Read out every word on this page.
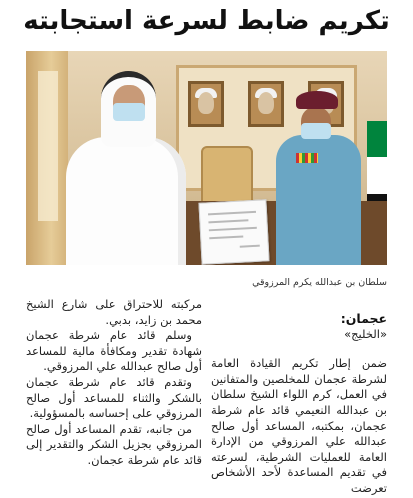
تكريم ضابط لسرعة استجابته
سلطان بن عبدالله يكرم المرزوقي

عجمان:

«الخليج»

ضمن إطار تكريم القيادة العامة لشرطة عجمان للمخلصين والمتفانين في العمل، كرم اللواء الشيخ سلطان بن عبدالله النعيمي قائد عام شرطة عجمان، بمكتبه، المساعد أول صالح عبدالله علي المرزوقي من الإدارة العامة للعمليات الشرطية، لسرعته في تقديم المساعدة لأحد الأشخاص تعرضت

مركبته للاحتراق على شارع الشيخ محمد بن زايد، بدبي.

وسلم قائد عام شرطة عجمان شهادة تقدير ومكافأة مالية للمساعد أول صالح عبدالله علي المرزوقي.

وتقدم قائد عام شرطة عجمان بالشكر والثناء للمساعد أول صالح المرزوقي على إحساسه بالمسؤولية.

من جانبه، تقدم المساعد أول صالح المرزوقي بجزيل الشكر والتقدير إلى قائد عام شرطة عجمان.
